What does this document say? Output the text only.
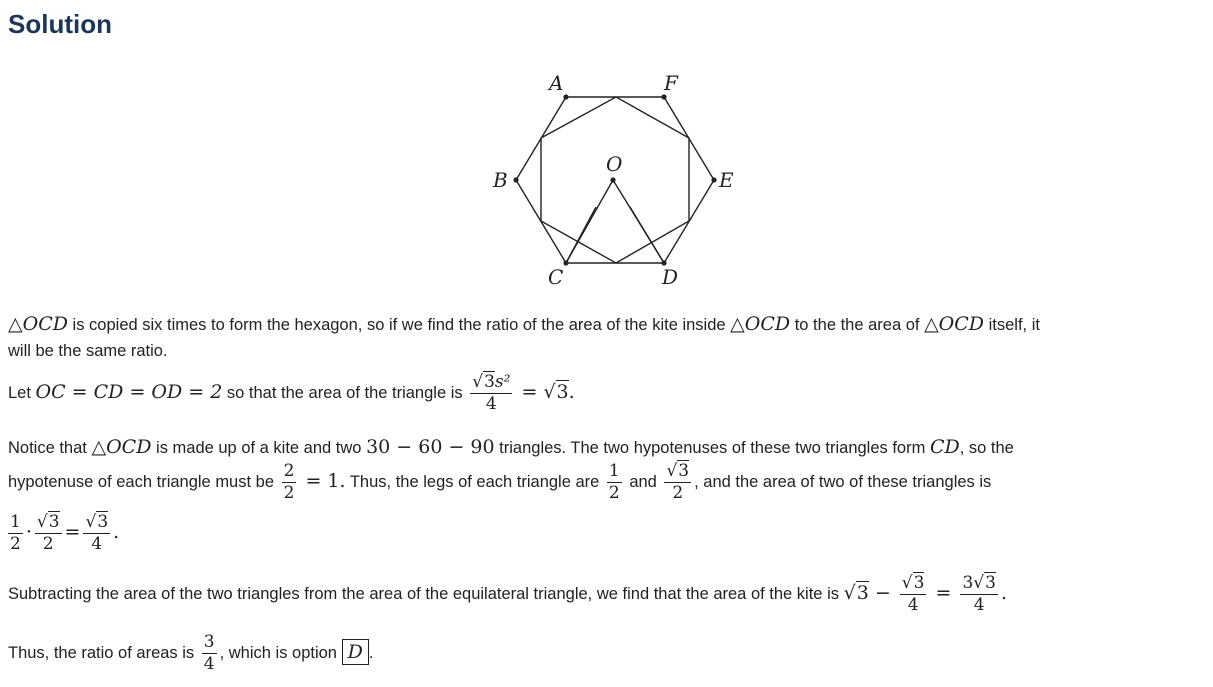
Solution
A	F
B	E
C	D
O
△OCD is copied six times to form the hexagon, so if we find the ratio of the area of the kite inside △OCD to the the area of △OCD itself, it
will be the same ratio.
Let OC = CD = OD = 2 so that the area of the triangle is $\frac{\text{√3s²}}{4} = √3$.
Notice that △OCD is made up of a kite and two 30 − 60 − 90 triangles. The two hypotenuses of these two triangles form CD, so the
hypotenuse of each triangle must be $\frac{2}{2} = 1$. Thus, the legs of each triangle are $\frac{1}{2}$ and $\frac{√3}{2}$ , and the area of two of these triangles is
$\frac{1}{2} \cdot \frac{√3}{2} = \frac{√3}{4}$ .
Subtracting the area of the two triangles from the area of the equilateral triangle, we find that the area of the kite is $√3 - \frac{√3}{4} = \frac{3√3}{4}$ .
Thus, the ratio of areas is $\frac{3}{4}$ , which is option D .
